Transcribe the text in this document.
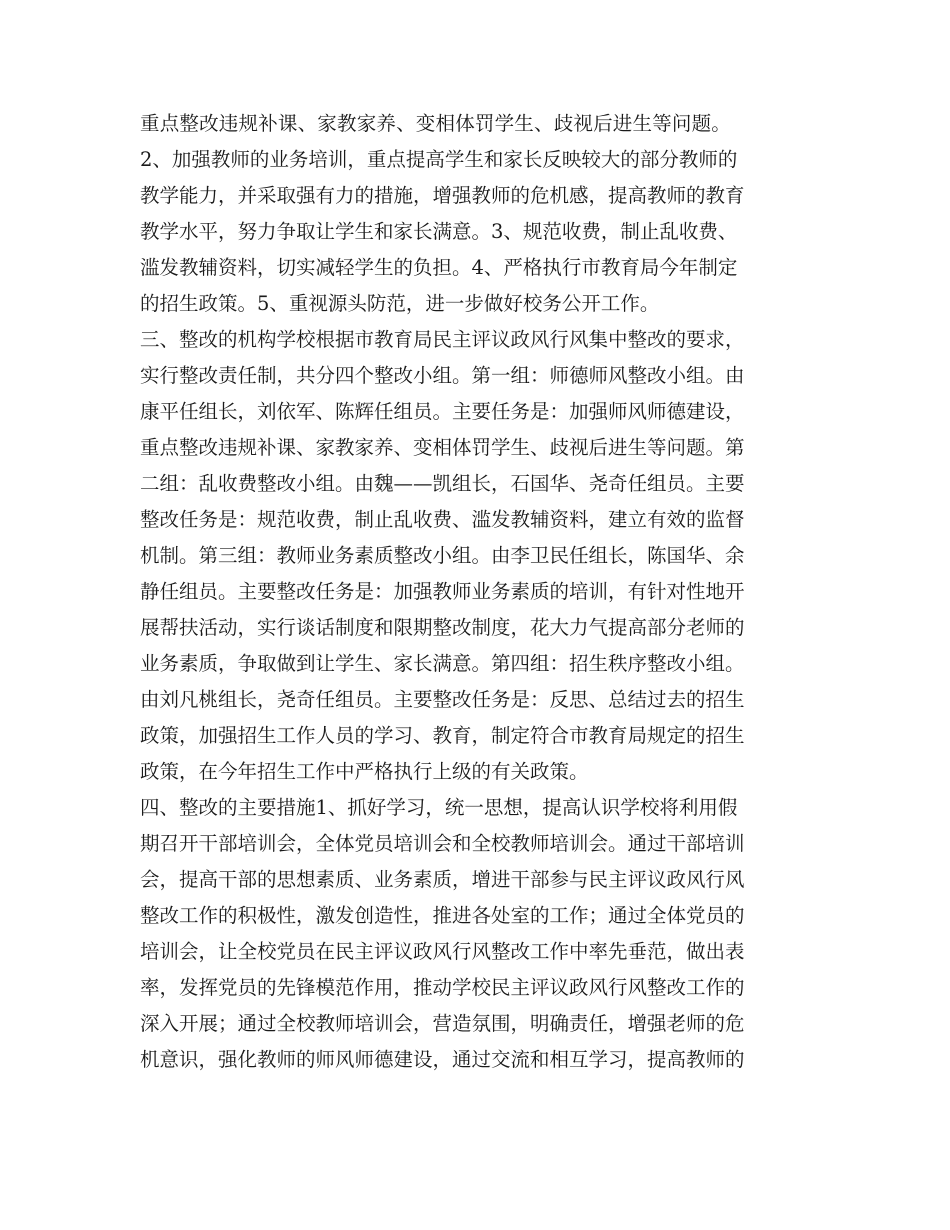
重点整改违规补课、家教家养、变相体罚学生、歧视后进生等问题。
2、加强教师的业务培训，重点提高学生和家长反映较大的部分教师的
教学能力，并采取强有力的措施，增强教师的危机感，提高教师的教育
教学水平，努力争取让学生和家长满意。3、规范收费，制止乱收费、
滥发教辅资料，切实减轻学生的负担。4、严格执行市教育局今年制定
的招生政策。5、重视源头防范，进一步做好校务公开工作。
三、整改的机构学校根据市教育局民主评议政风行风集中整改的要求，
实行整改责任制，共分四个整改小组。第一组：师德师风整改小组。由
康平任组长，刘依军、陈辉任组员。主要任务是：加强师风师德建设，
重点整改违规补课、家教家养、变相体罚学生、歧视后进生等问题。第
二组：乱收费整改小组。由魏——凯组长，石国华、尧奇任组员。主要
整改任务是：规范收费，制止乱收费、滥发教辅资料，建立有效的监督
机制。第三组：教师业务素质整改小组。由李卫民任组长，陈国华、余
静任组员。主要整改任务是：加强教师业务素质的培训，有针对性地开
展帮扶活动，实行谈话制度和限期整改制度，花大力气提高部分老师的
业务素质，争取做到让学生、家长满意。第四组：招生秩序整改小组。
由刘凡桃组长，尧奇任组员。主要整改任务是：反思、总结过去的招生
政策，加强招生工作人员的学习、教育，制定符合市教育局规定的招生
政策，在今年招生工作中严格执行上级的有关政策。
四、整改的主要措施1、抓好学习，统一思想，提高认识学校将利用假
期召开干部培训会，全体党员培训会和全校教师培训会。通过干部培训
会，提高干部的思想素质、业务素质，增进干部参与民主评议政风行风
整改工作的积极性，激发创造性，推进各处室的工作；通过全体党员的
培训会，让全校党员在民主评议政风行风整改工作中率先垂范，做出表
率，发挥党员的先锋模范作用，推动学校民主评议政风行风整改工作的
深入开展；通过全校教师培训会，营造氛围，明确责任，增强老师的危
机意识，强化教师的师风师德建设，通过交流和相互学习，提高教师的
